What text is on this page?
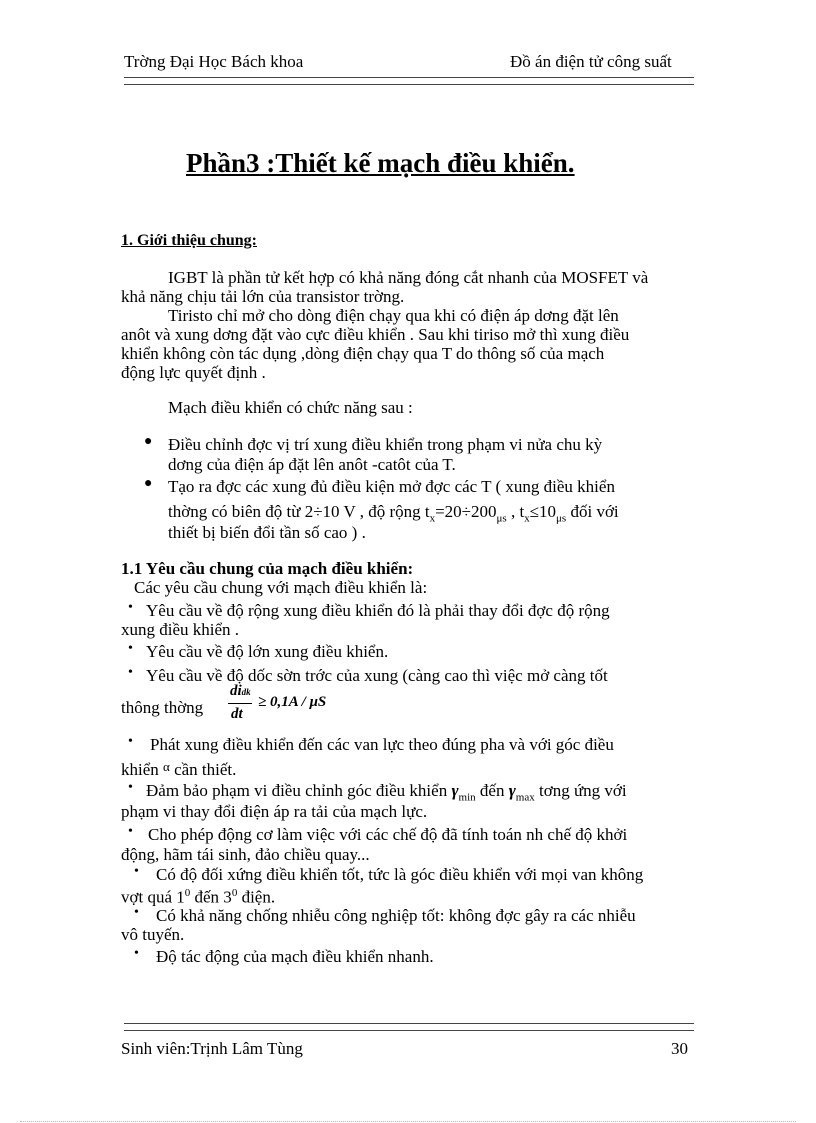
Trờng Đại Học Bách khoa	Đồ án điện tử công suất
Phần3 :Thiết kế mạch điều khiển.
1. Giới thiệu chung:
IGBT là phần tử kết hợp có khả năng đóng cắt nhanh của MOSFET và
khả năng chịu tải lớn của transistor trờng.
Tiristo chỉ mở cho dòng điện chạy qua khi có điện áp dơng đặt lên
anôt và xung dơng đặt vào cực điều khiển . Sau khi tiriso mở thì xung điều
khiển không còn tác dụng ,dòng điện chạy qua T do thông số của mạch
động lực quyết định .
Mạch điều khiển có chức năng sau :
● Điều chỉnh đợc vị trí xung điều khiển trong phạm vi nửa chu kỳ
dơng của điện áp đặt lên anôt -catôt của T.
● Tạo ra đợc các xung đủ điều kiện mở đợc các T ( xung điều khiển
thờng có biên độ từ 2÷10 V , độ rộng $t_x=20\div 200_{\mu s}$ , $t_x\le 10_{\mu s}$ đối với
thiết bị biến đổi tần số cao ) .
1.1 Yêu cầu chung của mạch điều khiển:
Các yêu cầu chung với mạch điều khiển là:
• Yêu cầu về độ rộng xung điều khiển đó là phải thay đổi đợc độ rộng
xung điều khiển .
• Yêu cầu về độ lớn xung điều khiển.
• Yêu cầu về độ dốc sờn trớc của xung (càng cao thì việc mở càng tốt
thông thờng
didk
dt
≥ 0,1A / μS
• Phát xung điều khiển đến các van lực theo đúng pha và với góc điều
khiển $^\alpha$ cần thiết.
• Đảm bảo phạm vi điều chỉnh góc điều khiển $\gamma_{min}$ đến $\gamma_{max}$ tơng ứng với
phạm vi thay đổi điện áp ra tải của mạch lực.
• Cho phép động cơ làm việc với các chế độ đã tính toán nh chế độ khởi
động, hãm tái sinh, đảo chiều quay...
• Có độ đối xứng điều khiển tốt, tức là góc điều khiển với mọi van không
vợt quá $1^0$ đến $3^0$ điện.
• Có khả năng chống nhiễu công nghiệp tốt: không đợc gây ra các nhiễu
vô tuyến.
• Độ tác động của mạch điều khiển nhanh.
Sinh viên:Trịnh Lâm Tùng	30
